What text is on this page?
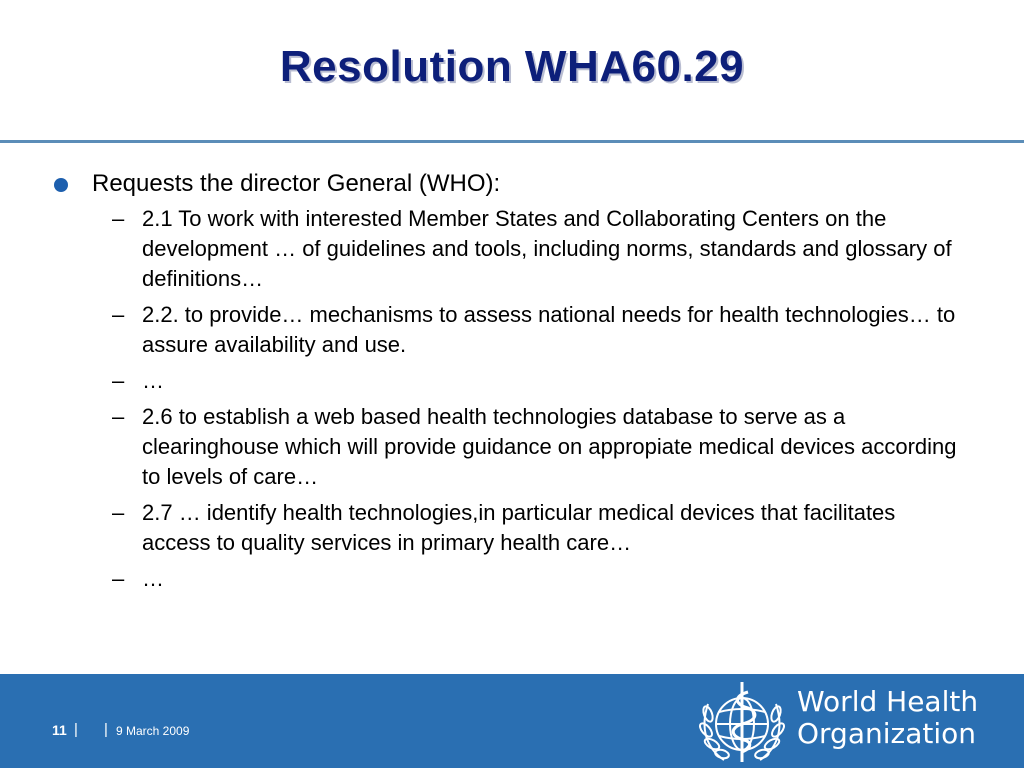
Resolution WHA60.29
Requests the director General (WHO):
– 2.1 To work with interested Member States and Collaborating Centers on the development … of guidelines and tools, including norms, standards and glossary of definitions…
– 2.2. to provide… mechanisms to assess national needs for health technologies… to assure availability and use.
– …
– 2.6 to establish a web based health technologies database to serve as a clearinghouse which will provide guidance on appropiate medical devices according to levels of care…
– 2.7 … identify health technologies,in particular medical devices that facilitates access to quality services in primary health care…
– …
11 | | 9 March 2009
World Health
Organization
